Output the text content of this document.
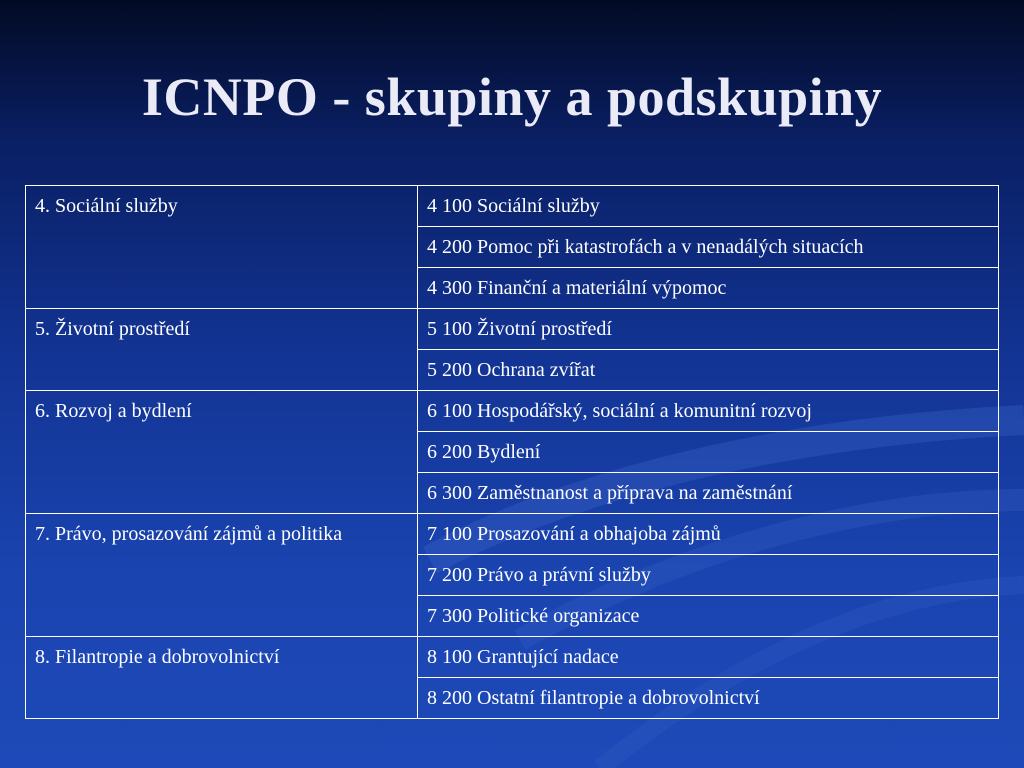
ICNPO - skupiny a podskupiny
4. Sociální služby	4 100 Sociální služby
	4 200 Pomoc při katastrofách a v nenadálých situacích
	4 300 Finanční a materiální výpomoc
5. Životní prostředí	5 100 Životní prostředí
	5 200 Ochrana zvířat
6. Rozvoj a bydlení	6 100 Hospodářský, sociální a komunitní rozvoj
	6 200 Bydlení
	6 300 Zaměstnanost a příprava na zaměstnání
7. Právo, prosazování zájmů a politika	7 100 Prosazování a obhajoba zájmů
	7 200 Právo a právní služby
	7 300 Politické organizace
8. Filantropie a dobrovolnictví	8 100 Grantující nadace
	8 200 Ostatní filantropie a dobrovolnictví
